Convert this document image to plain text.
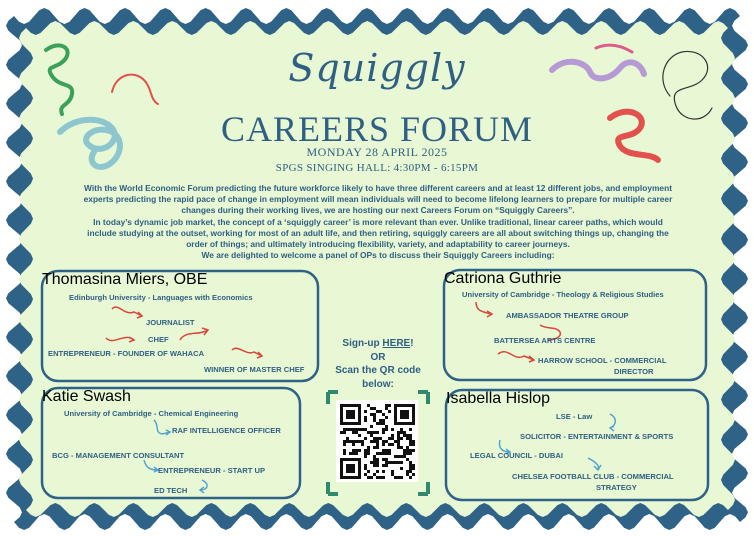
Squiggly
CAREERS FORUM
MONDAY 28 APRIL 2025
SPGS SINGING HALL: 4:30PM - 6:15PM
With the World Economic Forum predicting the future workforce likely to have three different careers and at least 12 different jobs, and employment experts predicting the rapid pace of change in employment will mean individuals will need to become lifelong learners to prepare for multiple career changes during their working lives, we are hosting our next Careers Forum on “Squiggly Careers”.
In today’s dynamic job market, the concept of a ‘squiggly career’ is more relevant than ever. Unlike traditional, linear career paths, which would include studying at the outset, working for most of an adult life, and then retiring, squiggly careers are all about switching things up, changing the order of things; and ultimately introducing flexibility, variety, and adaptability to career journeys.
We are delighted to welcome a panel of OPs to discuss their Squiggly Careers including:
Thomasina Miers, OBE
Edinburgh University - Languages with Economics
JOURNALIST
CHEF
ENTREPRENEUR - FOUNDER OF WAHACA
WINNER OF MASTER CHEF
Katie Swash
University of Cambridge - Chemical Engineering
RAF INTELLIGENCE OFFICER
BCG - MANAGEMENT CONSULTANT
ENTREPRENEUR - START UP
ED TECH
Catriona Guthrie
University of Cambridge - Theology & Religious Studies
AMBASSADOR THEATRE GROUP
BATTERSEA ARTS CENTRE
HARROW SCHOOL - COMMERCIAL
DIRECTOR
Isabella Hislop
LSE - Law
SOLICITOR - ENTERTAINMENT & SPORTS
LEGAL COUNCIL - DUBAI
CHELSEA FOOTBALL CLUB - COMMERCIAL
STRATEGY
Sign-up HERE!
OR
Scan the QR code
below:
